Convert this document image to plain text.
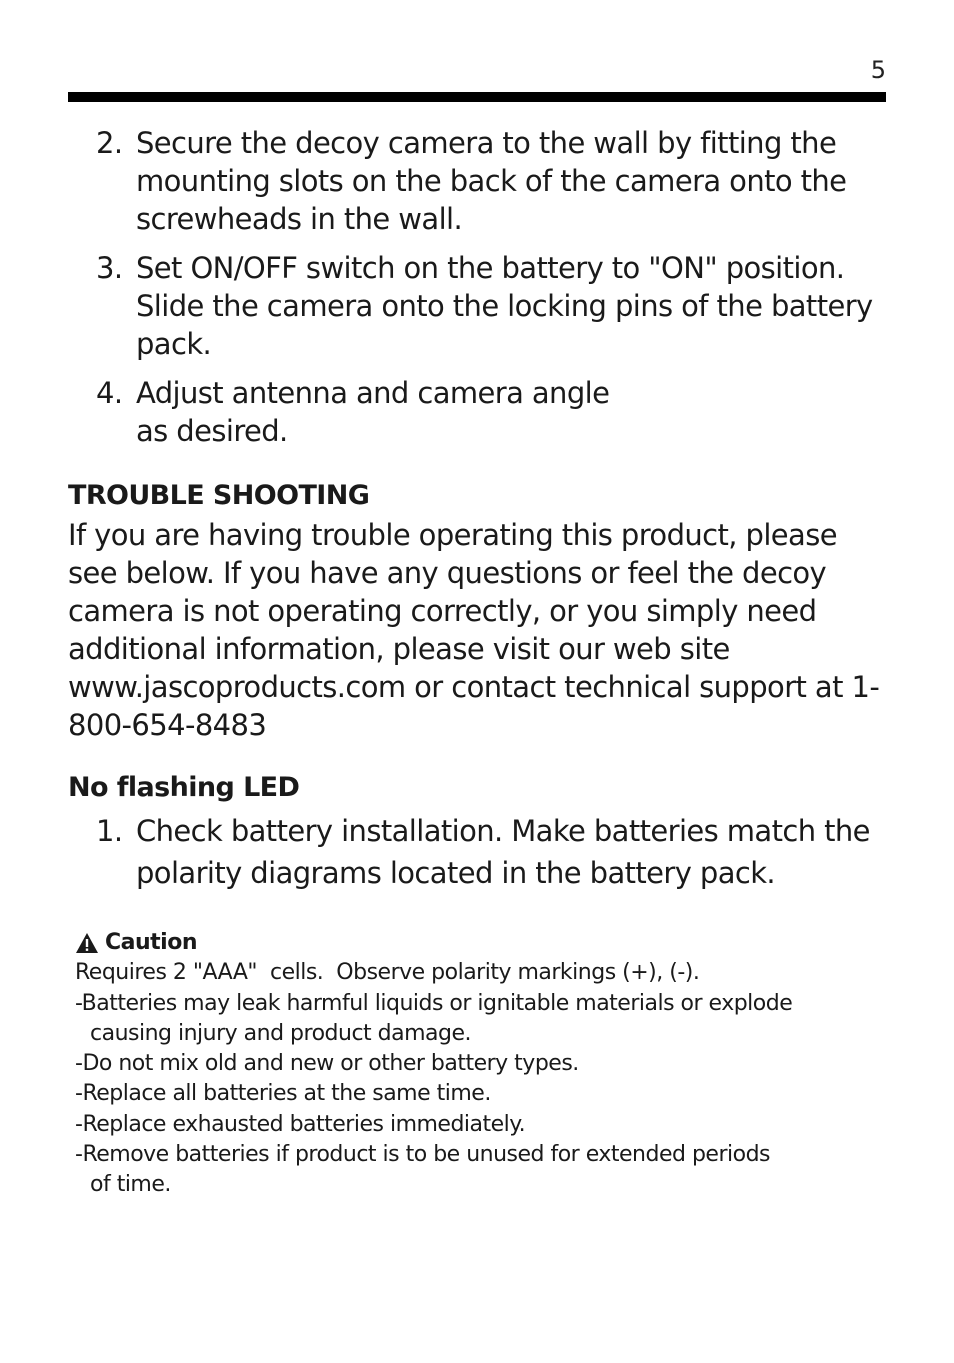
5
2. Secure the decoy camera to the wall by fitting the mounting slots on the back of the camera onto the screwheads in the wall.
3. Set ON/OFF switch on the battery to "ON" position. Slide the camera onto the locking pins of the battery pack.
4. Adjust antenna and camera angle as desired.
TROUBLE SHOOTING
If you are having trouble operating this product, please see below. If you have any questions or feel the decoy camera is not operating correctly, or you simply need additional information, please visit our web site www.jascoproducts.com or contact technical support at 1-800-654-8483
No flashing LED
1. Check battery installation. Make batteries match the polarity diagrams located in the battery pack.
Caution
Requires 2 "AAA"  cells.  Observe polarity markings (+), (-).
-Batteries may leak harmful liquids or ignitable materials or explode
causing injury and product damage.
-Do not mix old and new or other battery types.
-Replace all batteries at the same time.
-Replace exhausted batteries immediately.
-Remove batteries if product is to be unused for extended periods
of time.
